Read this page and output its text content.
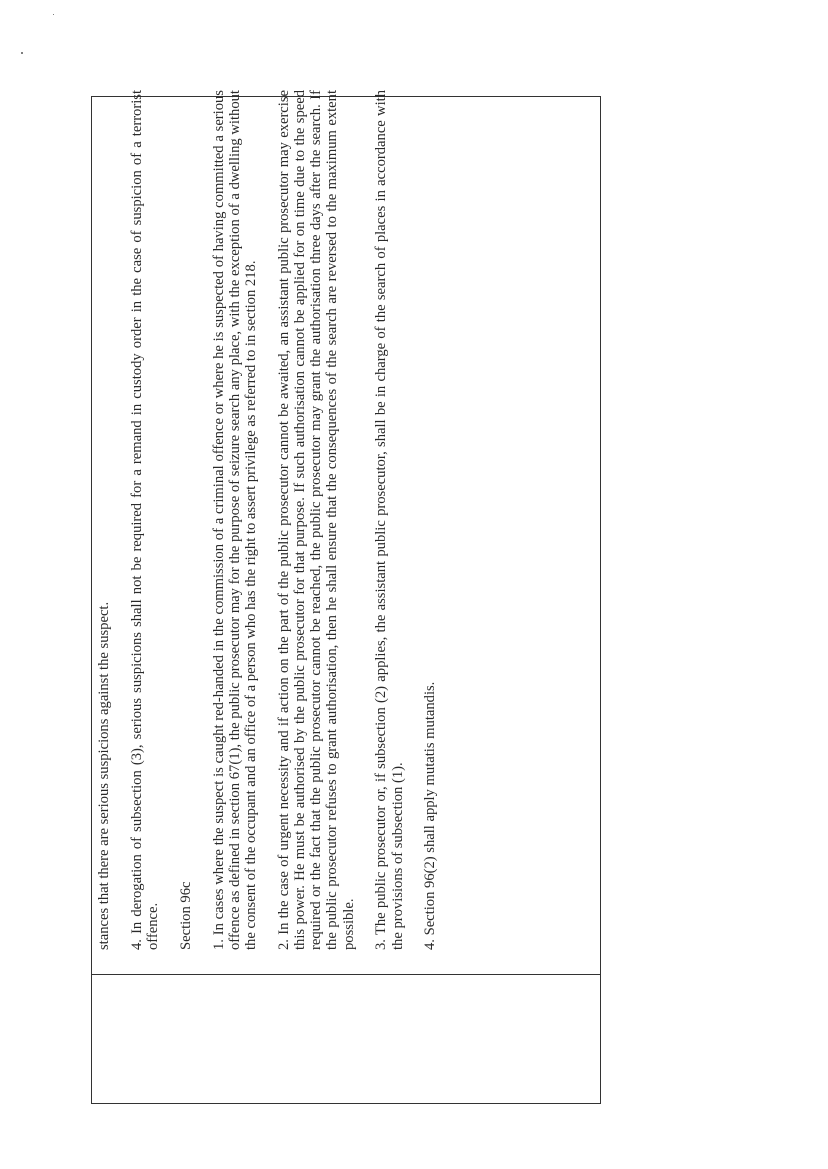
stances that there are serious suspicions against the suspect. 4. In derogation of subsection (3), serious suspicions shall not be required for a remand in custody order in the case of suspicion of a terrorist offence. Section 96c 1. In cases where the suspect is caught red-handed in the commission of a criminal offence or where he is suspected of having committed a serious offence as defined in section 67(1), the public prosecutor may for the purpose of seizure search any place, with the exception of a dwelling without the consent of the occupant and an office of a person who has the right to assert privilege as referred to in section 218. 2. In the case of urgent necessity and if action on the part of the public prosecutor cannot be awaited, an assistant public prosecutor may exercise this power. He must be authorised by the public prosecutor for that purpose. If such authorisation cannot be applied for on time due to the speed required or the fact that the public prosecutor cannot be reached, the public prosecutor may grant the authorisation three days after the search. If the public prosecutor refuses to grant authorisation, then he shall ensure that the consequences of the search are reversed to the maximum extent possible. 3. The public prosecutor or, if subsection (2) applies, the assistant public prosecutor, shall be in charge of the search of places in accordance with the provisions of subsection (1). 4. Section 96(2) shall apply mutatis mutandis.
